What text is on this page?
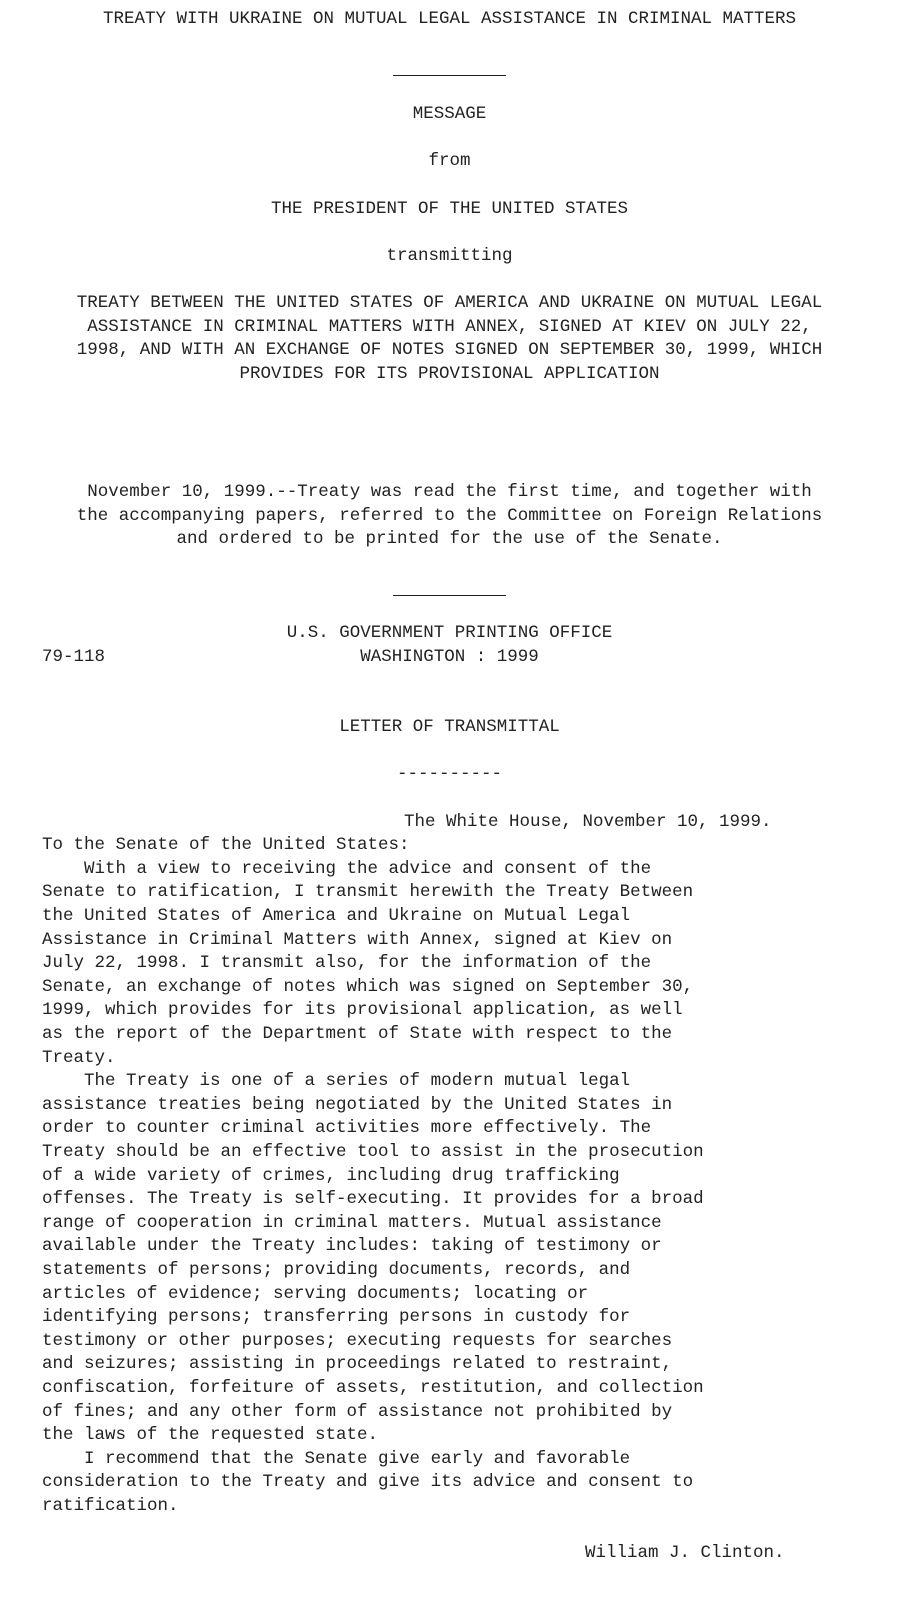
TREATY WITH UKRAINE ON MUTUAL LEGAL ASSISTANCE IN CRIMINAL MATTERS
MESSAGE
from
THE PRESIDENT OF THE UNITED STATES
transmitting
TREATY BETWEEN THE UNITED STATES OF AMERICA AND UKRAINE ON MUTUAL LEGAL
ASSISTANCE IN CRIMINAL MATTERS WITH ANNEX, SIGNED AT KIEV ON JULY 22,
1998, AND WITH AN EXCHANGE OF NOTES SIGNED ON SEPTEMBER 30, 1999, WHICH
PROVIDES FOR ITS PROVISIONAL APPLICATION
November 10, 1999.--Treaty was read the first time, and together with
the accompanying papers, referred to the Committee on Foreign Relations
and ordered to be printed for the use of the Senate.
U.S. GOVERNMENT PRINTING OFFICE
79-118	WASHINGTON : 1999
LETTER OF TRANSMITTAL
----------
The White House, November 10, 1999.
To the Senate of the United States:
With a view to receiving the advice and consent of the
Senate to ratification, I transmit herewith the Treaty Between
the United States of America and Ukraine on Mutual Legal
Assistance in Criminal Matters with Annex, signed at Kiev on
July 22, 1998. I transmit also, for the information of the
Senate, an exchange of notes which was signed on September 30,
1999, which provides for its provisional application, as well
as the report of the Department of State with respect to the
Treaty.
The Treaty is one of a series of modern mutual legal
assistance treaties being negotiated by the United States in
order to counter criminal activities more effectively. The
Treaty should be an effective tool to assist in the prosecution
of a wide variety of crimes, including drug trafficking
offenses. The Treaty is self-executing. It provides for a broad
range of cooperation in criminal matters. Mutual assistance
available under the Treaty includes: taking of testimony or
statements of persons; providing documents, records, and
articles of evidence; serving documents; locating or
identifying persons; transferring persons in custody for
testimony or other purposes; executing requests for searches
and seizures; assisting in proceedings related to restraint,
confiscation, forfeiture of assets, restitution, and collection
of fines; and any other form of assistance not prohibited by
the laws of the requested state.
I recommend that the Senate give early and favorable
consideration to the Treaty and give its advice and consent to
ratification.
William J. Clinton.
